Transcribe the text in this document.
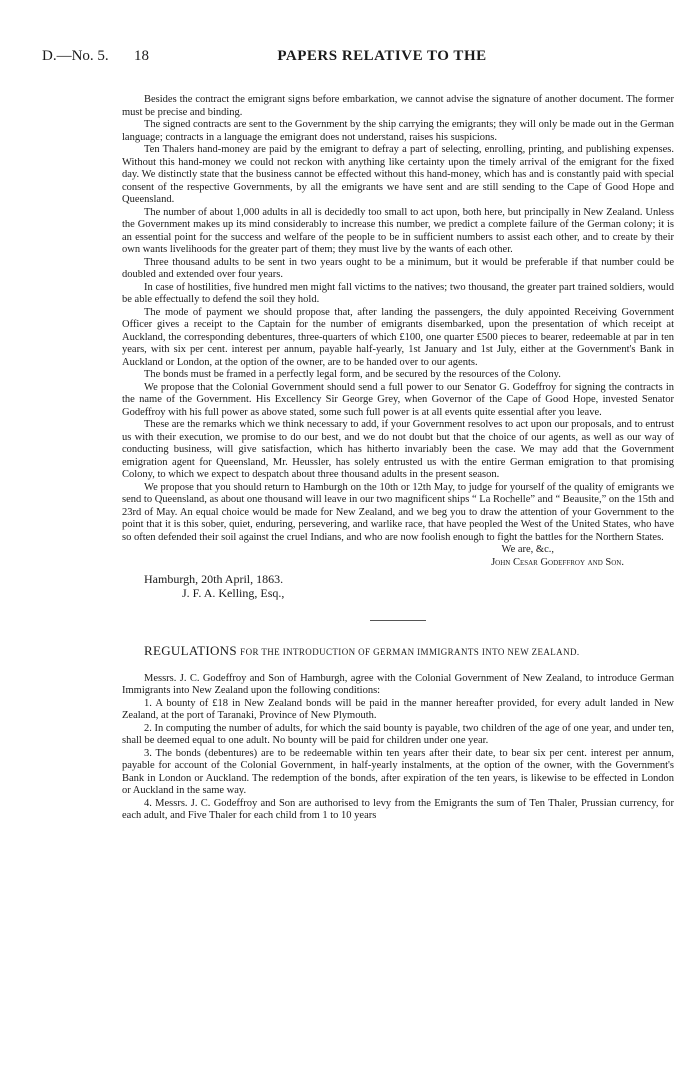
D.—No. 5. 18	PAPERS RELATIVE TO THE

Besides the contract the emigrant signs before embarkation, we cannot advise the signature of another document. The former must be precise and binding.

The signed contracts are sent to the Government by the ship carrying the emigrants; they will only be made out in the German language; contracts in a language the emigrant does not understand, raises his suspicions.

Ten Thalers hand-money are paid by the emigrant to defray a part of selecting, enrolling, printing, and publishing expenses. Without this hand-money we could not reckon with anything like certainty upon the timely arrival of the emigrant for the fixed day. We distinctly state that the business cannot be effected without this hand-money, which has and is constantly paid with special consent of the respective Governments, by all the emigrants we have sent and are still sending to the Cape of Good Hope and Queensland.

The number of about 1,000 adults in all is decidedly too small to act upon, both here, but principally in New Zealand. Unless the Government makes up its mind considerably to increase this number, we predict a complete failure of the German colony; it is an essential point for the success and welfare of the people to be in sufficient numbers to assist each other, and to create by their own wants livelihoods for the greater part of them; they must live by the wants of each other.

Three thousand adults to be sent in two years ought to be a minimum, but it would be preferable if that number could be doubled and extended over four years.

In case of hostilities, five hundred men might fall victims to the natives; two thousand, the greater part trained soldiers, would be able effectually to defend the soil they hold.

The mode of payment we should propose that, after landing the passengers, the duly appointed Receiving Government Officer gives a receipt to the Captain for the number of emigrants disembarked, upon the presentation of which receipt at Auckland, the corresponding debentures, three-quarters of which £100, one quarter £500 pieces to bearer, redeemable at par in ten years, with six per cent. interest per annum, payable half-yearly, 1st January and 1st July, either at the Government's Bank in Auckland or London, at the option of the owner, are to be handed over to our agents.

The bonds must be framed in a perfectly legal form, and be secured by the resources of the Colony.

We propose that the Colonial Government should send a full power to our Senator G. Godeffroy for signing the contracts in the name of the Government. His Excellency Sir George Grey, when Governor of the Cape of Good Hope, invested Senator Godeffroy with his full power as above stated, some such full power is at all events quite essential after you leave.

These are the remarks which we think necessary to add, if your Government resolves to act upon our proposals, and to entrust us with their execution, we promise to do our best, and we do not doubt but that the choice of our agents, as well as our way of conducting business, will give satisfaction, which has hitherto invariably been the case. We may add that the Government emigration agent for Queensland, Mr. Heussler, has solely entrusted us with the entire German emigration to that promising Colony, to which we expect to despatch about three thousand adults in the present season.

We propose that you should return to Hamburgh on the 10th or 12th May, to judge for yourself of the quality of emigrants we send to Queensland, as about one thousand will leave in our two magnificent ships “ La Rochelle” and “ Beausite,” on the 15th and 23rd of May. An equal choice would be made for New Zealand, and we beg you to draw the attention of your Government to the point that it is this sober, quiet, enduring, persevering, and warlike race, that have peopled the West of the United States, who have so often defended their soil against the cruel Indians, and who are now foolish enough to fight the battles for the Northern States.

We are, &c.,
John Cesar Godeffroy and Son.
Hamburgh, 20th April, 1863.
J. F. A. Kelling, Esq.,
REGULATIONS FOR THE INTRODUCTION OF GERMAN IMMIGRANTS INTO NEW ZEALAND.

Messrs. J. C. Godeffroy and Son of Hamburgh, agree with the Colonial Government of New Zealand, to introduce German Immigrants into New Zealand upon the following conditions:

1. A bounty of £18 in New Zealand bonds will be paid in the manner hereafter provided, for every adult landed in New Zealand, at the port of Taranaki, Province of New Plymouth.

2. In computing the number of adults, for which the said bounty is payable, two children of the age of one year, and under ten, shall be deemed equal to one adult. No bounty will be paid for children under one year.

3. The bonds (debentures) are to be redeemable within ten years after their date, to bear six per cent. interest per annum, payable for account of the Colonial Government, in half-yearly instalments, at the option of the owner, with the Government's Bank in London or Auckland. The redemption of the bonds, after expiration of the ten years, is likewise to be effected in London or Auckland in the same way.

4. Messrs. J. C. Godeffroy and Son are authorised to levy from the Emigrants the sum of Ten Thaler, Prussian currency, for each adult, and Five Thaler for each child from 1 to 10 years
